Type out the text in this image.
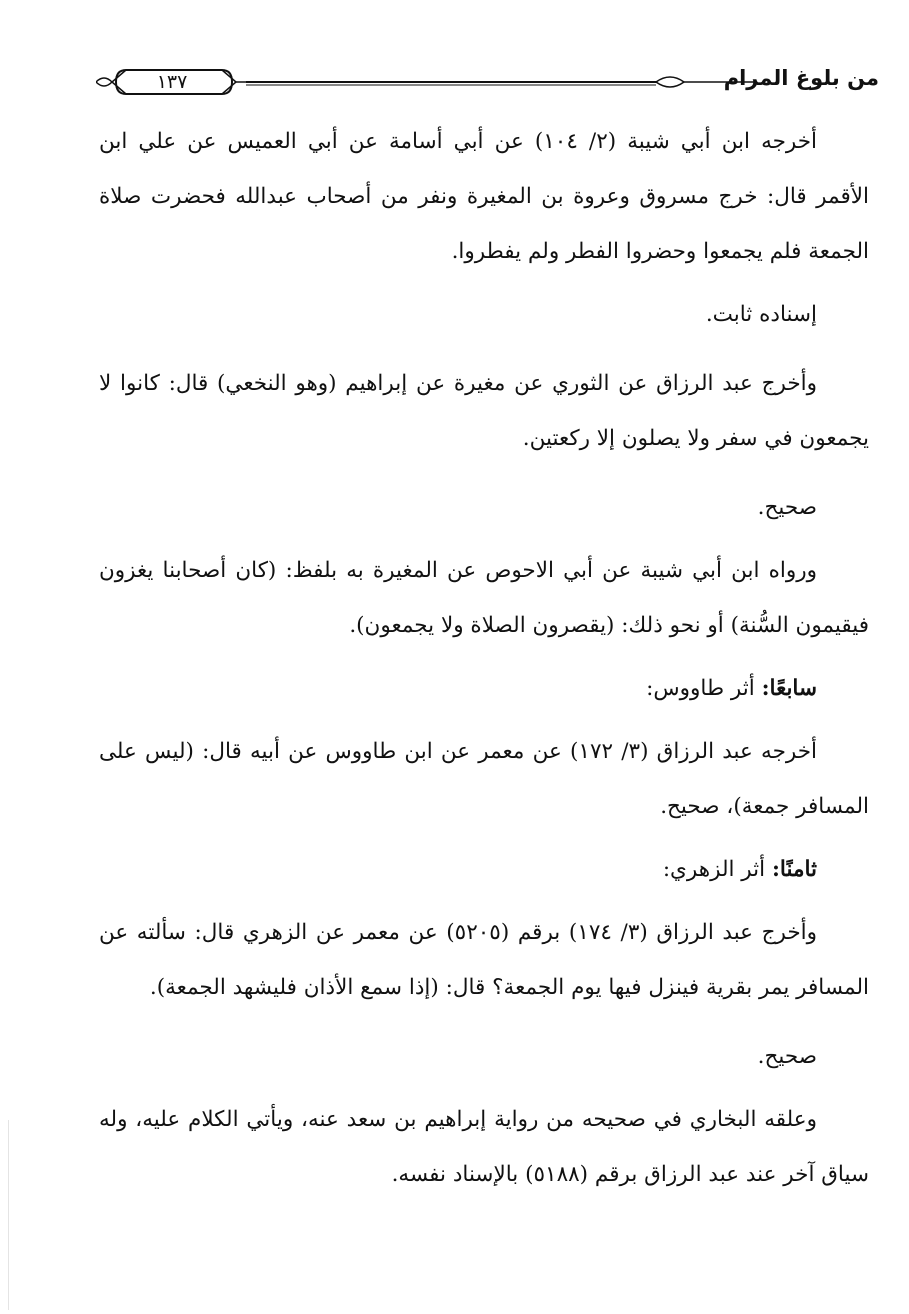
من بلوغ المرام
١٣٧

أخرجه ابن أبي شيبة (٢/ ١٠٤) عن أبي أسامة عن أبي العميس عن علي ابن الأقمر قال: خرج مسروق وعروة بن المغيرة ونفر من أصحاب عبدالله فحضرت صلاة الجمعة فلم يجمعوا وحضروا الفطر ولم يفطروا.

إسناده ثابت.

وأخرج عبد الرزاق عن الثوري عن مغيرة عن إبراهيم (وهو النخعي) قال: كانوا لا يجمعون في سفر ولا يصلون إلا ركعتين.

صحيح.

ورواه ابن أبي شيبة عن أبي الاحوص عن المغيرة به بلفظ: (كان أصحابنا يغزون فيقيمون السُّنة) أو نحو ذلك: (يقصرون الصلاة ولا يجمعون).

سابعًا: أثر طاووس:

أخرجه عبد الرزاق (٣/ ١٧٢) عن معمر عن ابن طاووس عن أبيه قال: (ليس على المسافر جمعة)، صحيح.

ثامنًا: أثر الزهري:

وأخرج عبد الرزاق (٣/ ١٧٤) برقم (٥٢٠٥) عن معمر عن الزهري قال: سألته عن المسافر يمر بقرية فينزل فيها يوم الجمعة؟ قال: (إذا سمع الأذان فليشهد الجمعة).

صحيح.

وعلقه البخاري في صحيحه من رواية إبراهيم بن سعد عنه، ويأتي الكلام عليه، وله سياق آخر عند عبد الرزاق برقم (٥١٨٨) بالإسناد نفسه.
